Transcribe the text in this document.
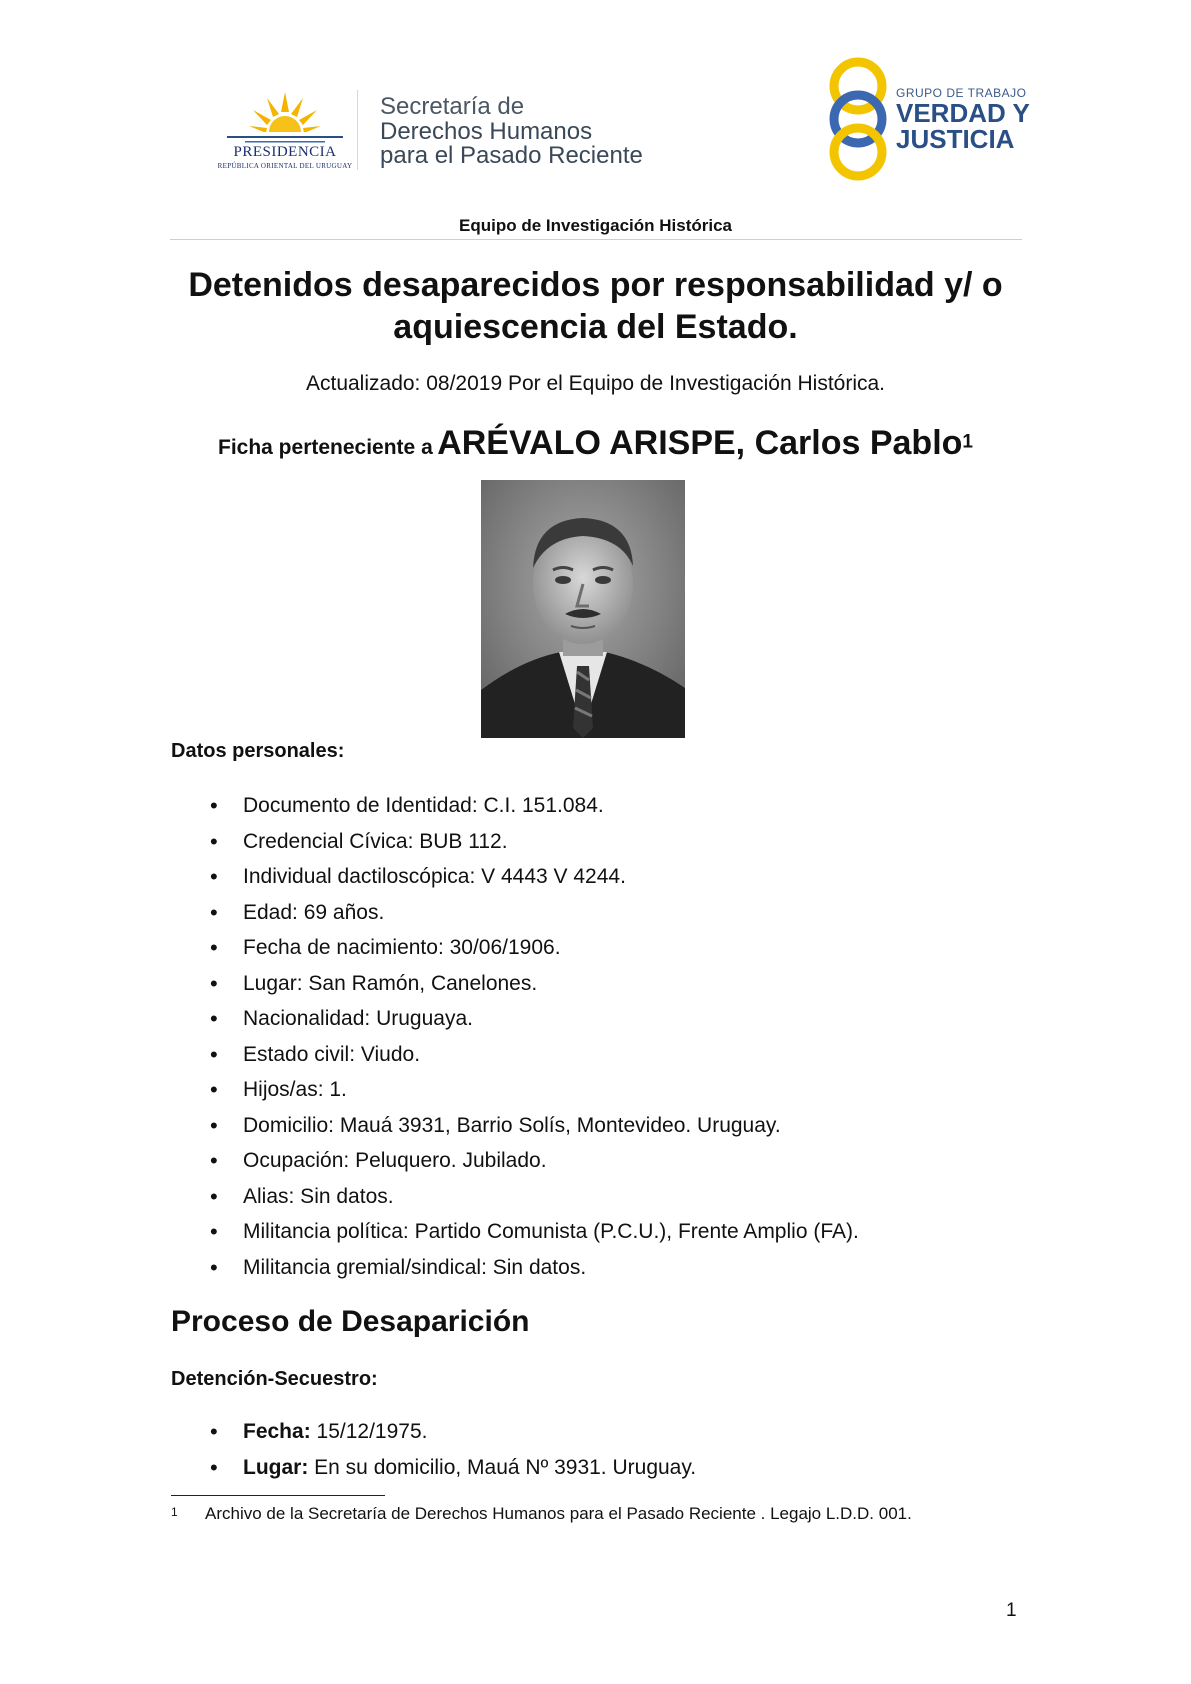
PRESIDENCIA
REPÚBLICA ORIENTAL DEL URUGUAY
Secretaría de
Derechos Humanos
para el Pasado Reciente
GRUPO DE TRABAJO
VERDAD Y
JUSTICIA
Equipo de Investigación Histórica
Detenidos desaparecidos por responsabilidad y/ o aquiescencia del Estado.
Actualizado: 08/2019 Por el Equipo de Investigación Histórica.
Ficha perteneciente a ARÉVALO ARISPE, Carlos Pablo$^1$
Datos personales:
• Documento de Identidad: C.I. 151.084.
• Credencial Cívica: BUB 112.
• Individual dactiloscópica: V 4443 V 4244.
• Edad: 69 años.
• Fecha de nacimiento: 30/06/1906.
• Lugar: San Ramón, Canelones.
• Nacionalidad: Uruguaya.
• Estado civil: Viudo.
• Hijos/as: 1.
• Domicilio: Mauá 3931, Barrio Solís, Montevideo. Uruguay.
• Ocupación: Peluquero. Jubilado.
• Alias: Sin datos.
• Militancia política: Partido Comunista (P.C.U.), Frente Amplio (FA).
• Militancia gremial/sindical: Sin datos.
Proceso de Desaparición
Detención-Secuestro:
• Fecha: 15/12/1975.
• Lugar: En su domicilio, Mauá Nº 3931. Uruguay.
1 Archivo de la Secretaría de Derechos Humanos para el Pasado Reciente . Legajo L.D.D. 001.
1
